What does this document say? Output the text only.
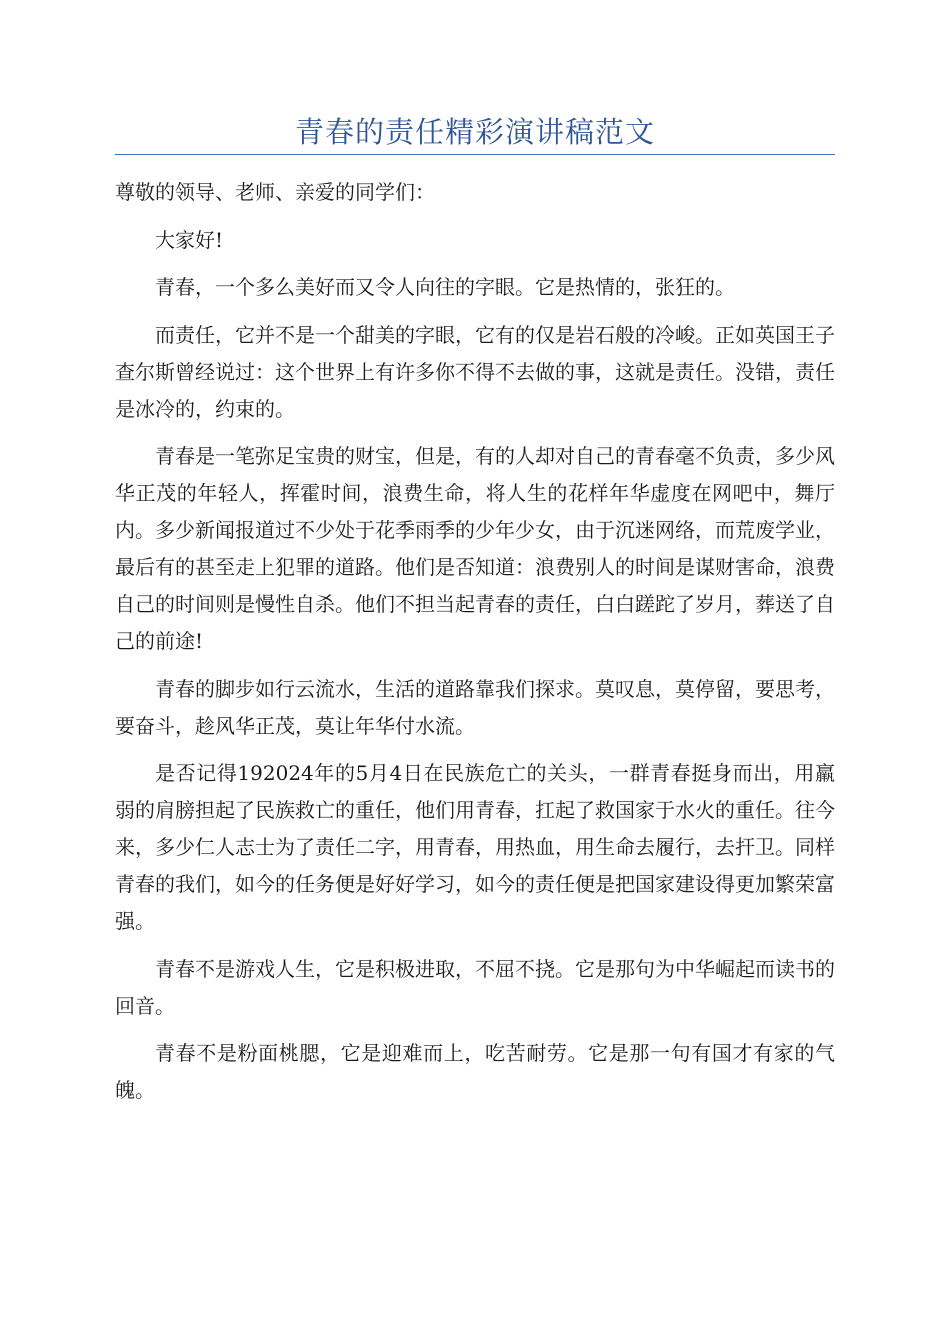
青春的责任精彩演讲稿范文

尊敬的领导、老师、亲爱的同学们：

大家好!

青春，一个多么美好而又令人向往的字眼。它是热情的，张狂的。

而责任，它并不是一个甜美的字眼，它有的仅是岩石般的冷峻。正如英国王子查尔斯曾经说过：这个世界上有许多你不得不去做的事，这就是责任。没错，责任是冰冷的，约束的。

青春是一笔弥足宝贵的财宝，但是，有的人却对自己的青春毫不负责，多少风华正茂的年轻人，挥霍时间，浪费生命，将人生的花样年华虚度在网吧中，舞厅内。多少新闻报道过不少处于花季雨季的少年少女，由于沉迷网络，而荒废学业，最后有的甚至走上犯罪的道路。他们是否知道：浪费别人的时间是谋财害命，浪费自己的时间则是慢性自杀。他们不担当起青春的责任，白白蹉跎了岁月，葬送了自己的前途!

青春的脚步如行云流水，生活的道路靠我们探求。莫叹息，莫停留，要思考，要奋斗，趁风华正茂，莫让年华付水流。

是否记得192024年的5月4日在民族危亡的关头，一群青春挺身而出，用羸弱的肩膀担起了民族救亡的重任，他们用青春，扛起了救国家于水火的重任。往今来，多少仁人志士为了责任二字，用青春，用热血，用生命去履行，去扞卫。同样青春的我们，如今的任务便是好好学习，如今的责任便是把国家建设得更加繁荣富强。

青春不是游戏人生，它是积极进取，不屈不挠。它是那句为中华崛起而读书的回音。

青春不是粉面桃腮，它是迎难而上，吃苦耐劳。它是那一句有国才有家的气魄。
